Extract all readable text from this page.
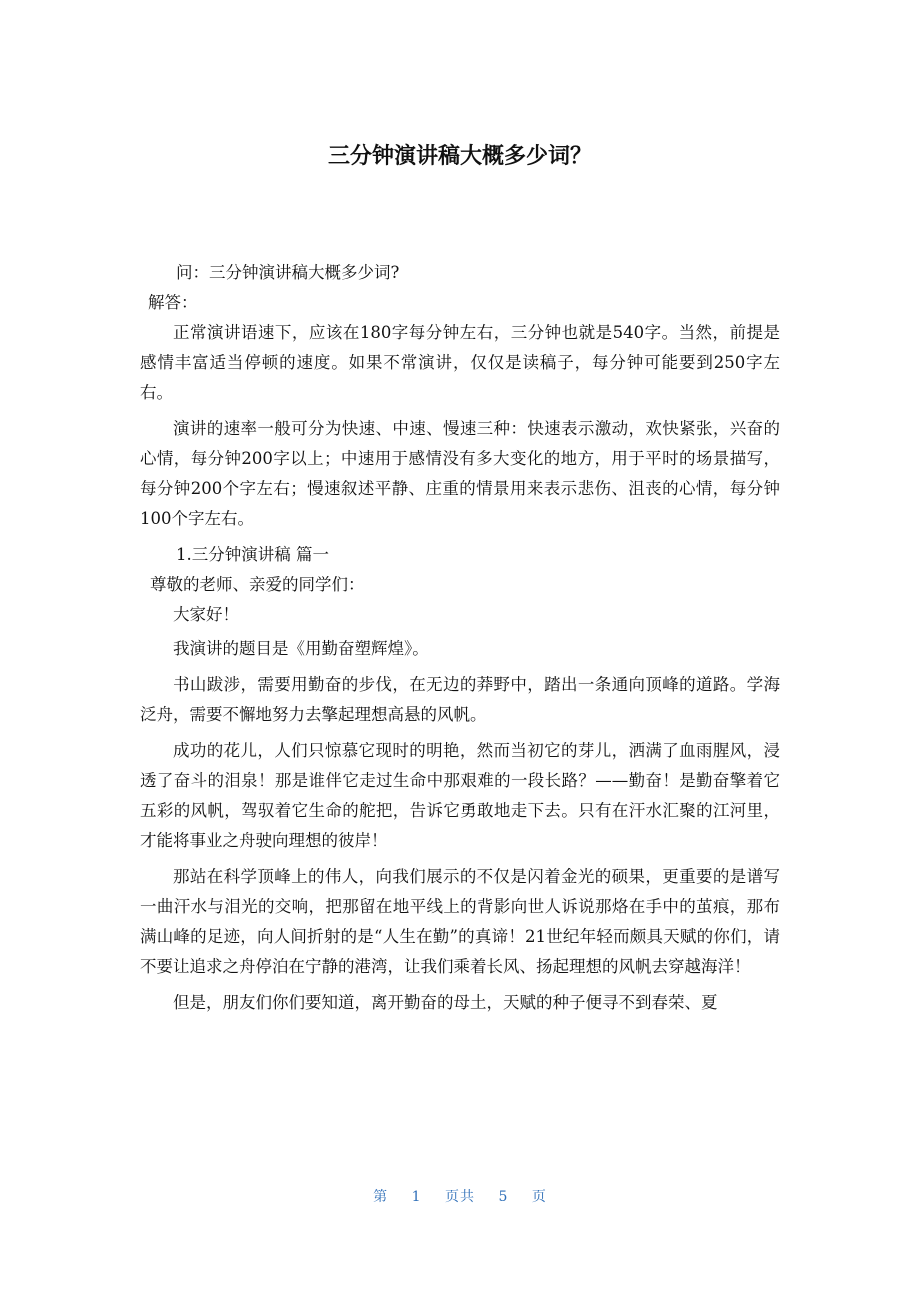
三分钟演讲稿大概多少词？

问：三分钟演讲稿大概多少词?

解答：

正常演讲语速下，应该在180字每分钟左右，三分钟也就是540字。当然，前提是感情丰富适当停顿的速度。如果不常演讲，仅仅是读稿子，每分钟可能要到250字左右。

演讲的速率一般可分为快速、中速、慢速三种：快速表示激动，欢快紧张，兴奋的心情，每分钟200字以上；中速用于感情没有多大变化的地方，用于平时的场景描写，每分钟200个字左右；慢速叙述平静、庄重的情景用来表示悲伤、沮丧的心情，每分钟100个字左右。

1.三分钟演讲稿 篇一

尊敬的老师、亲爱的同学们：

大家好！

我演讲的题目是《用勤奋塑辉煌》。

书山跋涉，需要用勤奋的步伐，在无边的莽野中，踏出一条通向顶峰的道路。学海泛舟，需要不懈地努力去擎起理想高悬的风帆。

成功的花儿，人们只惊慕它现时的明艳，然而当初它的芽儿，洒满了血雨腥风，浸透了奋斗的泪泉！那是谁伴它走过生命中那艰难的一段长路？——勤奋！是勤奋擎着它五彩的风帆，驾驭着它生命的舵把，告诉它勇敢地走下去。只有在汗水汇聚的江河里，才能将事业之舟驶向理想的彼岸！

那站在科学顶峰上的伟人，向我们展示的不仅是闪着金光的硕果，更重要的是谱写一曲汗水与泪光的交响，把那留在地平线上的背影向世人诉说那烙在手中的茧痕，那布满山峰的足迹，向人间折射的是“人生在勤”的真谛！21世纪年轻而颇具天赋的你们，请不要让追求之舟停泊在宁静的港湾，让我们乘着长风、扬起理想的风帆去穿越海洋！

但是，朋友们你们要知道，离开勤奋的母土，天赋的种子便寻不到春荣、夏

第 1 页共 5 页
